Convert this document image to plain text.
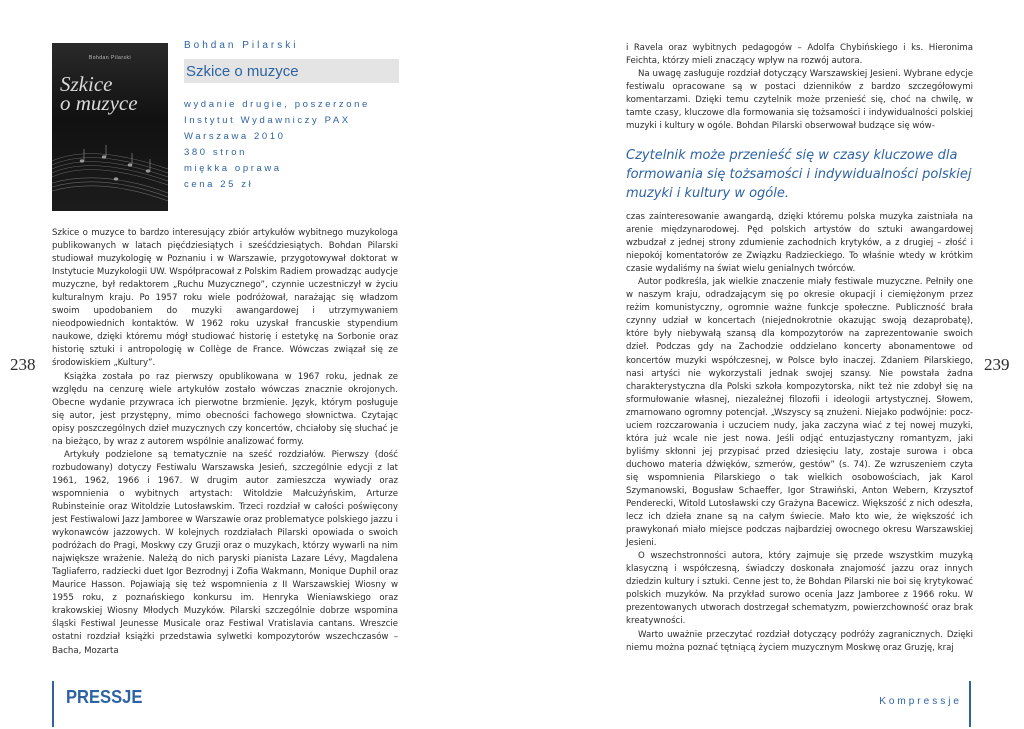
Bohdan Pilarski
Szkice
o muzyce
Bohdan Pilarski
Szkice o muzyce
wydanie drugie, poszerzone
Instytut Wydawniczy PAX
Warszawa 2010
380 stron
miękka oprawa
cena 25 zł

Szkice o muzyce to bardzo interesujący zbiór artykułów wybitnego muzykologa publikowanych w latach pięćdziesiątych i sześćdziesiątych. Bohdan Pilarski studiował muzykologię w Poznaniu i w Warszawie, przygotowywał doktorat w Instytucie Muzykologii UW. Współpracował z Polskim Radiem prowadząc audycje muzyczne, był redaktorem „Ruchu Muzycznego”, czynnie uczestniczył w życiu kulturalnym kraju. Po 1957 roku wiele podróżował, narażając się władzom swoim upodobaniem do muzyki awangardowej i utrzymywaniem nieodpowiednich kontaktów. W 1962 roku uzyskał francuskie stypendium naukowe, dzięki któremu mógł studiować historię i estetykę na Sorbonie oraz historię sztuki i antropologię w Collège de France. Wówczas związał się ze środowiskiem „Kultury”.

Książka została po raz pierwszy opublikowana w 1967 roku, jednak ze względu na cenzurę wiele artykułów zostało wówczas znacznie okrojonych. Obecne wydanie przywraca ich pierwotne brzmienie. Język, którym posługuje się autor, jest przystępny, mimo obecności fachowego słownictwa. Czytając opisy poszczególnych dzieł muzycznych czy koncertów, chciałoby się słuchać je na bieżąco, by wraz z autorem wspólnie analizować formy.

Artykuły podzielone są tematycznie na sześć rozdziałów. Pierwszy (dość rozbudowany) dotyczy Festiwalu Warszawska Jesień, szczególnie edycji z lat 1961, 1962, 1966 i 1967. W drugim autor zamieszcza wywiady oraz wspomnienia o wybitnych artystach: Witoldzie Małcużyńskim, Arturze Rubinsteinie oraz Witoldzie Lutosławskim. Trzeci rozdział w całości poświęcony jest Festiwalowi Jazz Jamboree w Warszawie oraz problematyce polskiego jazzu i wykonawców jazzowych. W kolejnych rozdziałach Pilarski opowiada o swoich podróżach do Pragi, Moskwy czy Gruzji oraz o muzykach, którzy wywarli na nim największe wrażenie. Należą do nich paryski pianista Lazare Lévy, Magdalena Tagliaferro, radziecki duet Igor Bezrodnyj i Zofia Wakmann, Monique Duphil oraz Maurice Hasson. Pojawiają się też wspomnienia z II Warszawskiej Wiosny w 1955 roku, z poznańskiego konkursu im. Henryka Wieniawskiego oraz krakowskiej Wiosny Młodych Muzyków. Pilarski szczególnie dobrze wspomina śląski Festiwal Jeunesse Musicale oraz Festiwal Vratislavia cantans. Wreszcie ostatni rozdział książki przedstawia sylwetki kompozytorów wszechczasów – Bacha, Mozarta

238
PRESSJE

i Ravela oraz wybitnych pedagogów – Adolfa Chybińskiego i ks. Hieronima Feichta, którzy mieli znaczący wpływ na rozwój autora.

Na uwagę zasługuje rozdział dotyczący Warszawskiej Jesieni. Wybrane edycje festiwalu opracowane są w postaci dzienników z bardzo szczegółowymi komentarzami. Dzięki temu czytelnik może przenieść się, choć na chwilę, w tamte czasy, kluczowe dla formowania się tożsamości i indywidualności polskiej muzyki i kultury w ogóle. Bohdan Pilarski obserwował budzące się wów-

Czytelnik może przenieść się w czasy kluczowe dla formowania się tożsamości i indywidualności polskiej muzyki i kultury w ogóle.

czas zainteresowanie awangardą, dzięki któremu polska muzyka zaistniała na arenie międzynarodowej. Pęd polskich artystów do sztuki awangardowej wzbudzał z jednej strony zdumienie zachodnich krytyków, a z drugiej – złość i niepokój komentatorów ze Związku Radzieckiego. To właśnie wtedy w krótkim czasie wydaliśmy na świat wielu genialnych twórców.

Autor podkreśla, jak wielkie znaczenie miały festiwale muzyczne. Pełniły one w naszym kraju, odradzającym się po okresie okupacji i ciemiężonym przez reżim komunistyczny, ogromnie ważne funkcje społeczne. Publiczność brała czynny udział w koncertach (niejednokrotnie okazując swoją dezaprobatę), które były niebywałą szansą dla kompozytorów na zaprezentowanie swoich dzieł. Podczas gdy na Zachodzie oddzielano koncerty abonamentowe od koncertów muzyki współczesnej, w Polsce było inaczej. Zdaniem Pilarskiego, nasi artyści nie wykorzystali jednak swojej szansy. Nie powstała żadna charakterystyczna dla Polski szkoła kompozytorska, nikt też nie zdobył się na sformułowanie własnej, niezależnej filozofii i ideologii artystycznej. Słowem, zmarnowano ogromny potencjał. „Wszyscy są znużeni. Niejako podwójnie: poczuciem rozczarowania i uczuciem nudy, jaka zaczyna wiać z tej nowej muzyki, która już wcale nie jest nowa. Jeśli odjąć entuzjastyczny romantyzm, jaki byliśmy skłonni jej przypisać przed dziesięciu laty, zostaje surowa i obca duchowo materia dźwięków, szmerów, gestów” (s. 74). Ze wzruszeniem czyta się wspomnienia Pilarskiego o tak wielkich osobowościach, jak Karol Szymanowski, Bogusław Schaeffer, Igor Strawiński, Anton Webern, Krzysztof Penderecki, Witold Lutosławski czy Grażyna Bacewicz. Większość z nich odeszła, lecz ich dzieła znane są na całym świecie. Mało kto wie, że większość ich prawykonań miało miejsce podczas najbardziej owocnego okresu Warszawskiej Jesieni.

O wszechstronności autora, który zajmuje się przede wszystkim muzyką klasyczną i współczesną, świadczy doskonała znajomość jazzu oraz innych dziedzin kultury i sztuki. Cenne jest to, że Bohdan Pilarski nie boi się krytykować polskich muzyków. Na przykład surowo ocenia Jazz Jamboree z 1966 roku. W prezentowanych utworach dostrzegał schematyzm, powierzchowność oraz brak kreatywności.

Warto uważnie przeczytać rozdział dotyczący podróży zagranicznych. Dzięki niemu można poznać tętniącą życiem muzycznym Moskwę oraz Gruzję, kraj

239
Kompressje
